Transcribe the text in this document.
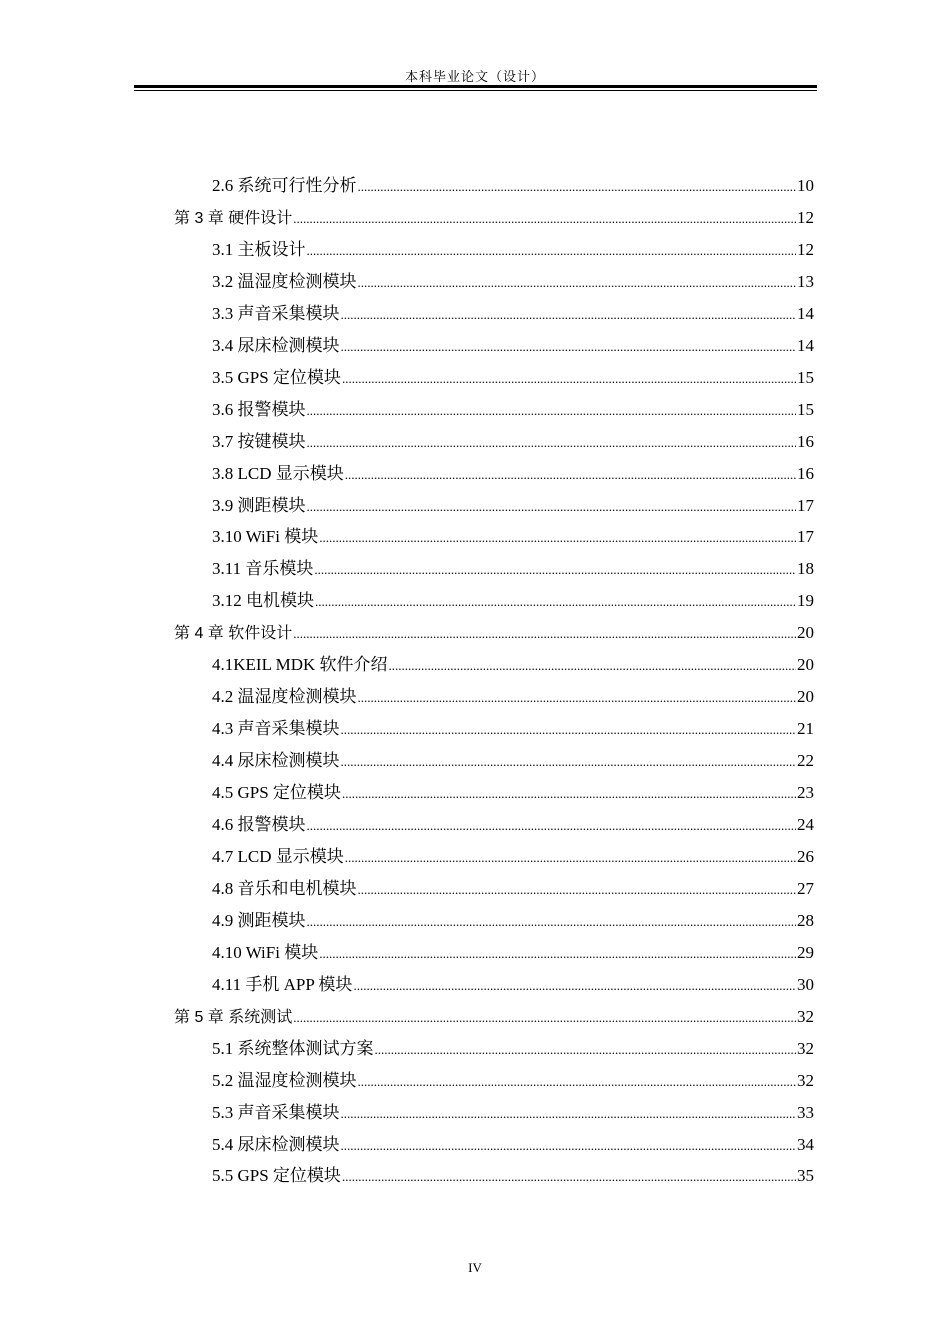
本科毕业论文（设计）
2.6 系统可行性分析 .....	10
第 3 章 硬件设计 .....	12
3.1 主板设计 .....	12
3.2 温湿度检测模块 .....	13
3.3 声音采集模块 .....	14
3.4 尿床检测模块 .....	14
3.5 GPS 定位模块 .....	15
3.6 报警模块 .....	15
3.7 按键模块 .....	16
3.8 LCD 显示模块 .....	16
3.9 测距模块 .....	17
3.10 WiFi 模块 .....	17
3.11 音乐模块 .....	18
3.12 电机模块 .....	19
第 4 章 软件设计 .....	20
4.1KEIL MDK 软件介绍 .....	20
4.2 温湿度检测模块 .....	20
4.3 声音采集模块 .....	21
4.4 尿床检测模块 .....	22
4.5 GPS 定位模块 .....	23
4.6 报警模块 .....	24
4.7 LCD 显示模块 .....	26
4.8 音乐和电机模块 .....	27
4.9 测距模块 .....	28
4.10 WiFi 模块 .....	29
4.11 手机 APP 模块 .....	30
第 5 章 系统测试 .....	32
5.1 系统整体测试方案 .....	32
5.2 温湿度检测模块 .....	32
5.3 声音采集模块 .....	33
5.4 尿床检测模块 .....	34
5.5 GPS 定位模块 .....	35
IV
